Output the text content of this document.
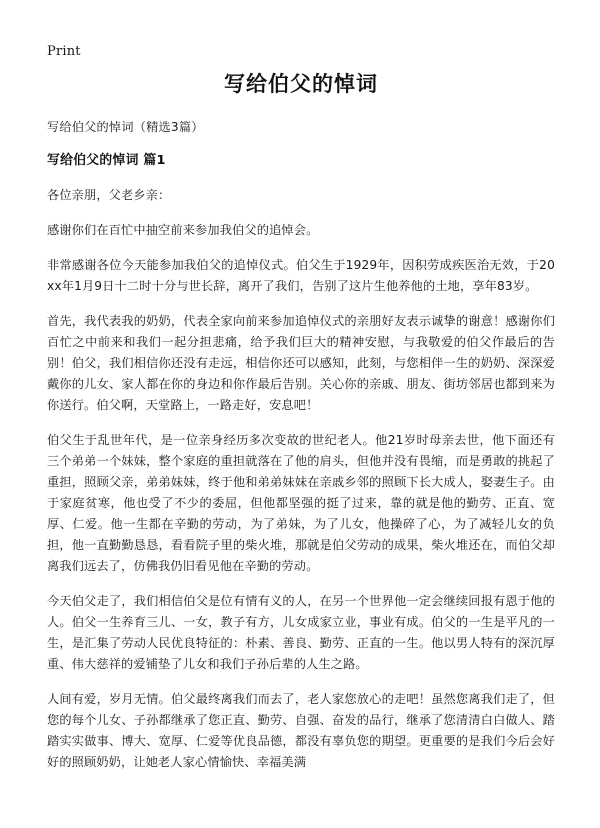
Print
写给伯父的悼词
写给伯父的悼词（精选3篇）
写给伯父的悼词 篇1

各位亲朋，父老乡亲：

感谢你们在百忙中抽空前来参加我伯父的追悼会。

非常感谢各位今天能参加我伯父的追悼仪式。伯父生于1929年，因积劳成疾医治无效，于20xx年1月9日十二时十分与世长辞，离开了我们，告别了这片生他养他的土地，享年83岁。

首先，我代表我的奶奶，代表全家向前来参加追悼仪式的亲朋好友表示诚挚的谢意！感谢你们百忙之中前来和我们一起分担悲痛，给予我们巨大的精神安慰，与我敬爱的伯父作最后的告别！伯父，我们相信你还没有走远，相信你还可以感知，此刻，与您相伴一生的奶奶、深深爱戴你的儿女、家人都在你的身边和你作最后告别。关心你的亲戚、朋友、街坊邻居也都到来为你送行。伯父啊，天堂路上，一路走好，安息吧！

伯父生于乱世年代，是一位亲身经历多次变故的世纪老人。他21岁时母亲去世，他下面还有三个弟弟一个妹妹，整个家庭的重担就落在了他的肩头，但他并没有畏缩，而是勇敢的挑起了重担，照顾父亲，弟弟妹妹，终于他和弟弟妹妹在亲戚乡邻的照顾下长大成人，娶妻生子。由于家庭贫寒，他也受了不少的委屈，但他都坚强的挺了过来，靠的就是他的勤劳、正直、宽厚、仁爱。他一生都在辛勤的劳动，为了弟妹，为了儿女，他操碎了心，为了减轻儿女的负担，他一直勤勤恳恳，看看院子里的柴火堆，那就是伯父劳动的成果，柴火堆还在，而伯父却离我们远去了，仿佛我仍旧看见他在辛勤的劳动。

今天伯父走了，我们相信伯父是位有情有义的人，在另一个世界他一定会继续回报有恩于他的人。伯父一生养育三儿、一女，教子有方，儿女成家立业，事业有成。伯父的一生是平凡的一生，是汇集了劳动人民优良特征的：朴素、善良、勤劳、正直的一生。他以男人特有的深沉厚重、伟大慈祥的爱铺垫了儿女和我们子孙后辈的人生之路。

人间有爱，岁月无情。伯父最终离我们而去了，老人家您放心的走吧！虽然您离我们走了，但您的每个儿女、子孙都继承了您正直、勤劳、自强、奋发的品行，继承了您清清白白做人、踏踏实实做事、博大、宽厚、仁爱等优良品德，都没有辜负您的期望。更重要的是我们今后会好好的照顾奶奶，让她老人家心情愉快、幸福美满
